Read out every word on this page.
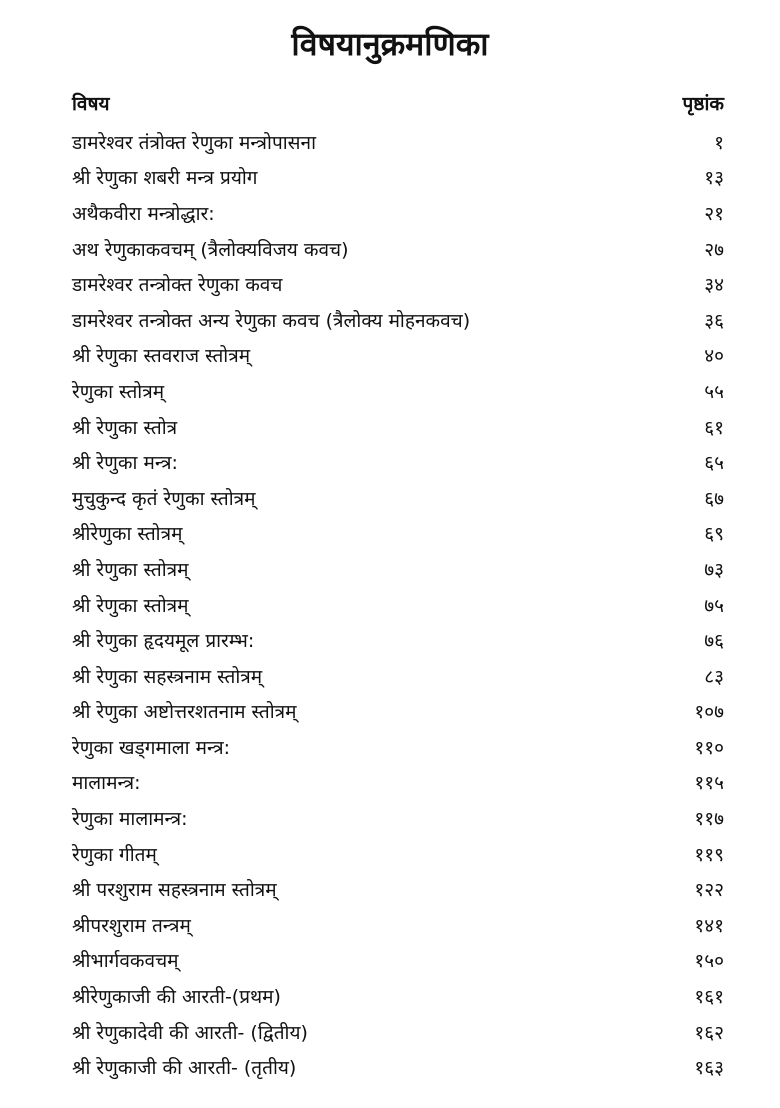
विषयानुक्रमणिका
विषय	पृष्ठांक
डामरेश्वर तंत्रोक्त रेणुका मन्त्रोपासना	१
श्री रेणुका शबरी मन्त्र प्रयोग	१३
अथैकवीरा मन्त्रोद्धार:	२१
अथ रेणुकाकवचम् (त्रैलोक्यविजय कवच)	२७
डामरेश्वर तन्त्रोक्त रेणुका कवच	३४
डामरेश्वर तन्त्रोक्त अन्य रेणुका कवच (त्रैलोक्य मोहनकवच)	३६
श्री रेणुका स्तवराज स्तोत्रम्	४०
रेणुका स्तोत्रम्	५५
श्री रेणुका स्तोत्र	६१
श्री रेणुका मन्त्र:	६५
मुचुकुन्द कृतं रेणुका स्तोत्रम्	६७
श्रीरेणुका स्तोत्रम्	६९
श्री रेणुका स्तोत्रम्	७३
श्री रेणुका स्तोत्रम्	७५
श्री रेणुका हृदयमूल प्रारम्भ:	७६
श्री रेणुका सहस्त्रनाम स्तोत्रम्	८३
श्री रेणुका अष्टोत्तरशतनाम स्तोत्रम्	१०७
रेणुका खड्गमाला मन्त्र:	११०
मालामन्त्र:	११५
रेणुका मालामन्त्र:	११७
रेणुका गीतम्	११९
श्री परशुराम सहस्त्रनाम स्तोत्रम्	१२२
श्रीपरशुराम तन्त्रम्	१४१
श्रीभार्गवकवचम्	१५०
श्रीरेणुकाजी की आरती-(प्रथम)	१६१
श्री रेणुकादेवी की आरती- (द्वितीय)	१६२
श्री रेणुकाजी की आरती- (तृतीय)	१६३
